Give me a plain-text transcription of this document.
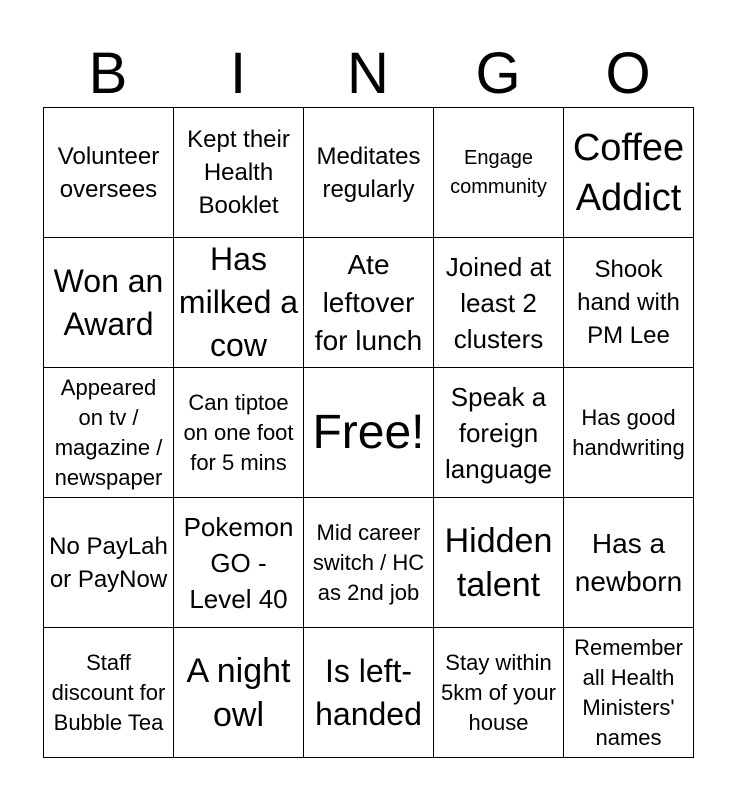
B	I	N	G	O
Volunteer oversees	Kept their Health Booklet	Meditates regularly	Engage community	Coffee Addict

Won an Award	Has milked a cow	Ate leftover for lunch	Joined at least 2 clusters	Shook hand with PM Lee

Appeared on tv / magazine / newspaper	Can tiptoe on one foot for 5 mins	Free!	Speak a foreign language	Has good handwriting

No PayLah or PayNow	Pokemon GO - Level 40	Mid career switch / HC as 2nd job	Hidden talent	Has a newborn

Staff discount for Bubble Tea	A night owl	Is left-handed	Stay within 5km of your house	Remember all Health Ministers' names
